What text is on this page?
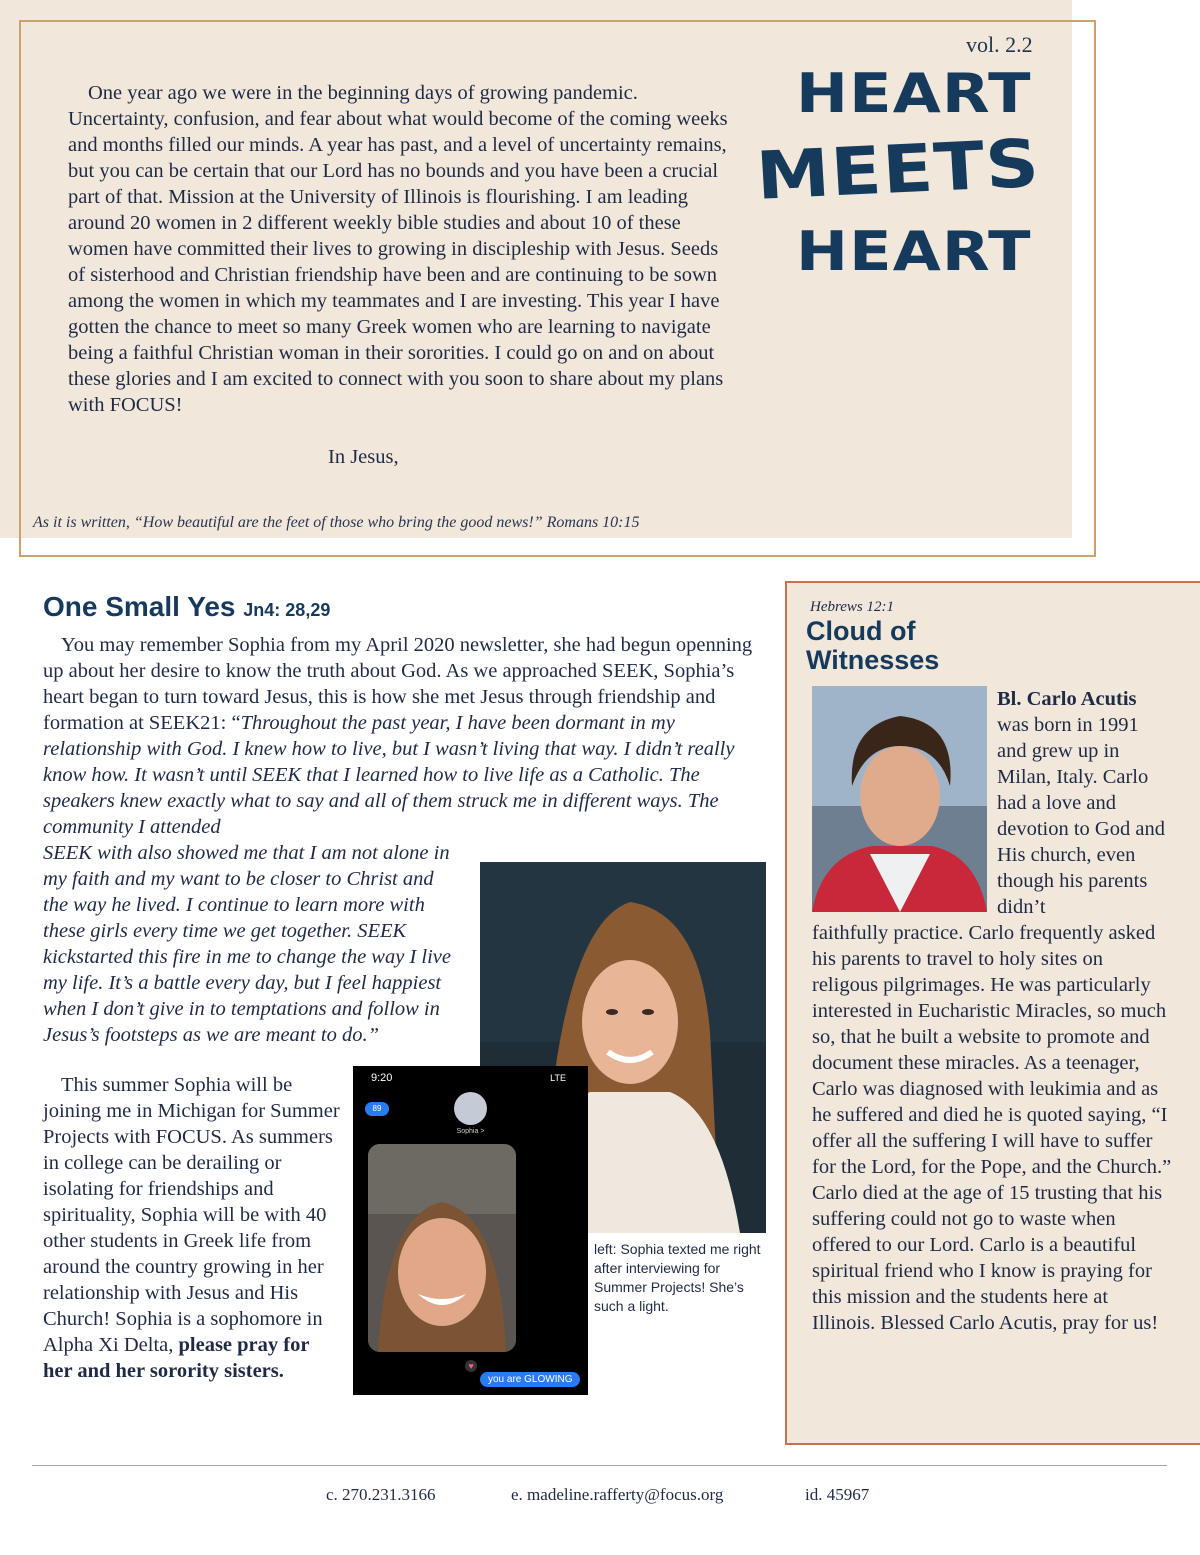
vol. 2.2
HEART
MEETS
HEART

One year ago we were in the beginning days of growing pandemic. Uncertainty, confusion, and fear about what would become of the coming weeks and months filled our minds. A year has past, and a level of uncertainty remains, but you can be certain that our Lord has no bounds and you have been a crucial part of that. Mission at the University of Illinois is flourishing. I am leading around 20 women in 2 different weekly bible studies and about 10 of these women have committed their lives to growing in discipleship with Jesus. Seeds of sisterhood and Christian friendship have been and are continuing to be sown among the women in which my teammates and I are investing. This year I have gotten the chance to meet so many Greek women who are learning to navigate being a faithful Christian woman in their sororities. I could go on and on about these glories and I am excited to connect with you soon to share about my plans with FOCUS!

In Jesus,
As it is written, “How beautiful are the feet of those who bring the good news!” Romans 10:15
One Small Yes Jn4: 28,29

You may remember Sophia from my April 2020 newsletter, she had begun openning up about her desire to know the truth about God. As we approached SEEK, Sophia’s heart began to turn toward Jesus, this is how she met Jesus through friendship and formation at SEEK21: “Throughout the past year, I have been dormant in my relationship with God. I knew how to live, but I wasn’t living that way. I didn’t really know how. It wasn’t until SEEK that I learned how to live life as a Catholic. The speakers knew exactly what to say and all of them struck me in different ways. The community I attended

SEEK with also showed me that I am not alone in my faith and my want to be closer to Christ and the way he lived. I continue to learn more with these girls every time we get together. SEEK kickstarted this fire in me to change the way I live my life. It’s a battle every day, but I feel happiest when I don’t give in to temptations and follow in Jesus’s footsteps as we are meant to do.”

This summer Sophia will be joining me in Michigan for Summer Projects with FOCUS. As summers in college can be derailing or isolating for friendships and spirituality, Sophia will be with 40 other students in Greek life from around the country growing in her relationship with Jesus and His Church! Sophia is a sophomore in Alpha Xi Delta, please pray for her and her sorority sisters.

9:20	LTE
89
Sophia >
♥
you are GLOWING
left: Sophia texted me right after interviewing for Summer Projects! She’s such a light.
Hebrews 12:1
Cloud of Witnesses

Bl. Carlo Acutis
was born in 1991 and grew up in Milan, Italy. Carlo had a love and devotion to God and His church, even though his parents didn’t

faithfully practice. Carlo frequently asked his parents to travel to holy sites on religous pilgrimages. He was particularly interested in Eucharistic Miracles, so much so, that he built a website to promote and document these miracles. As a teenager, Carlo was diagnosed with leukimia and as he suffered and died he is quoted saying, “I offer all the suffering I will have to suffer for the Lord, for the Pope, and the Church.” Carlo died at the age of 15 trusting that his suffering could not go to waste when offered to our Lord. Carlo is a beautiful spiritual friend who I know is praying for this mission and the students here at Illinois. Blessed Carlo Acutis, pray for us!

c. 270.231.3166	e. madeline.rafferty@focus.org	id. 45967
